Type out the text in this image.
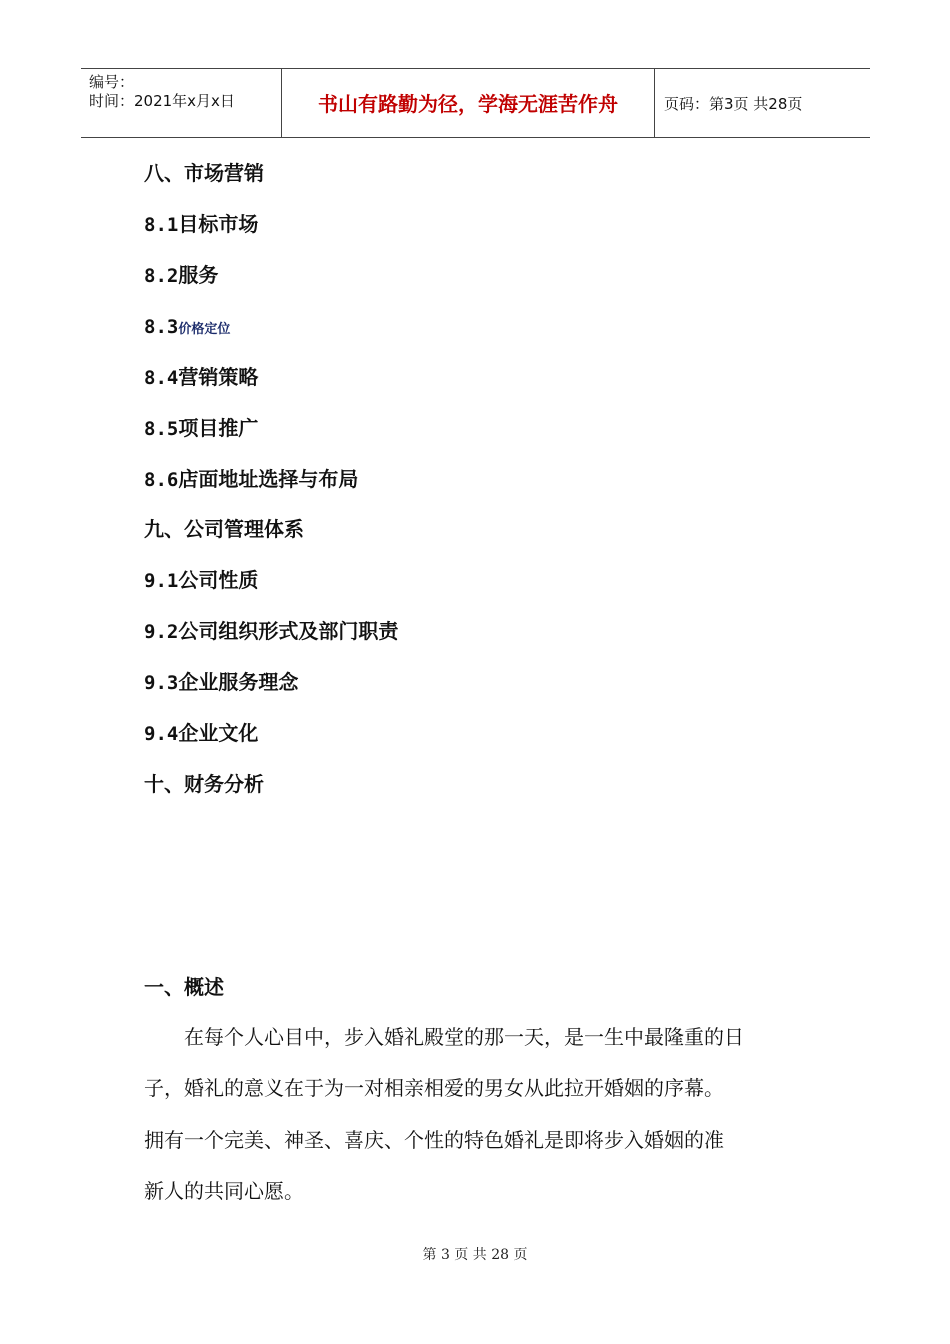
编号：
时间：2021年x月x日	书山有路勤为径，学海无涯苦作舟	页码：第3页 共28页
八、市场营销
8.1目标市场
8.2服务
8.3价格定位
8.4营销策略
8.5项目推广
8.6店面地址选择与布局
九、公司管理体系
9.1公司性质
9.2公司组织形式及部门职责
9.3企业服务理念
9.4企业文化
十、财务分析
一、概述
　　在每个人心目中，步入婚礼殿堂的那一天，是一生中最隆重的日
子，婚礼的意义在于为一对相亲相爱的男女从此拉开婚姻的序幕。
拥有一个完美、神圣、喜庆、个性的特色婚礼是即将步入婚姻的准
新人的共同心愿。
第 3 页 共 28 页
